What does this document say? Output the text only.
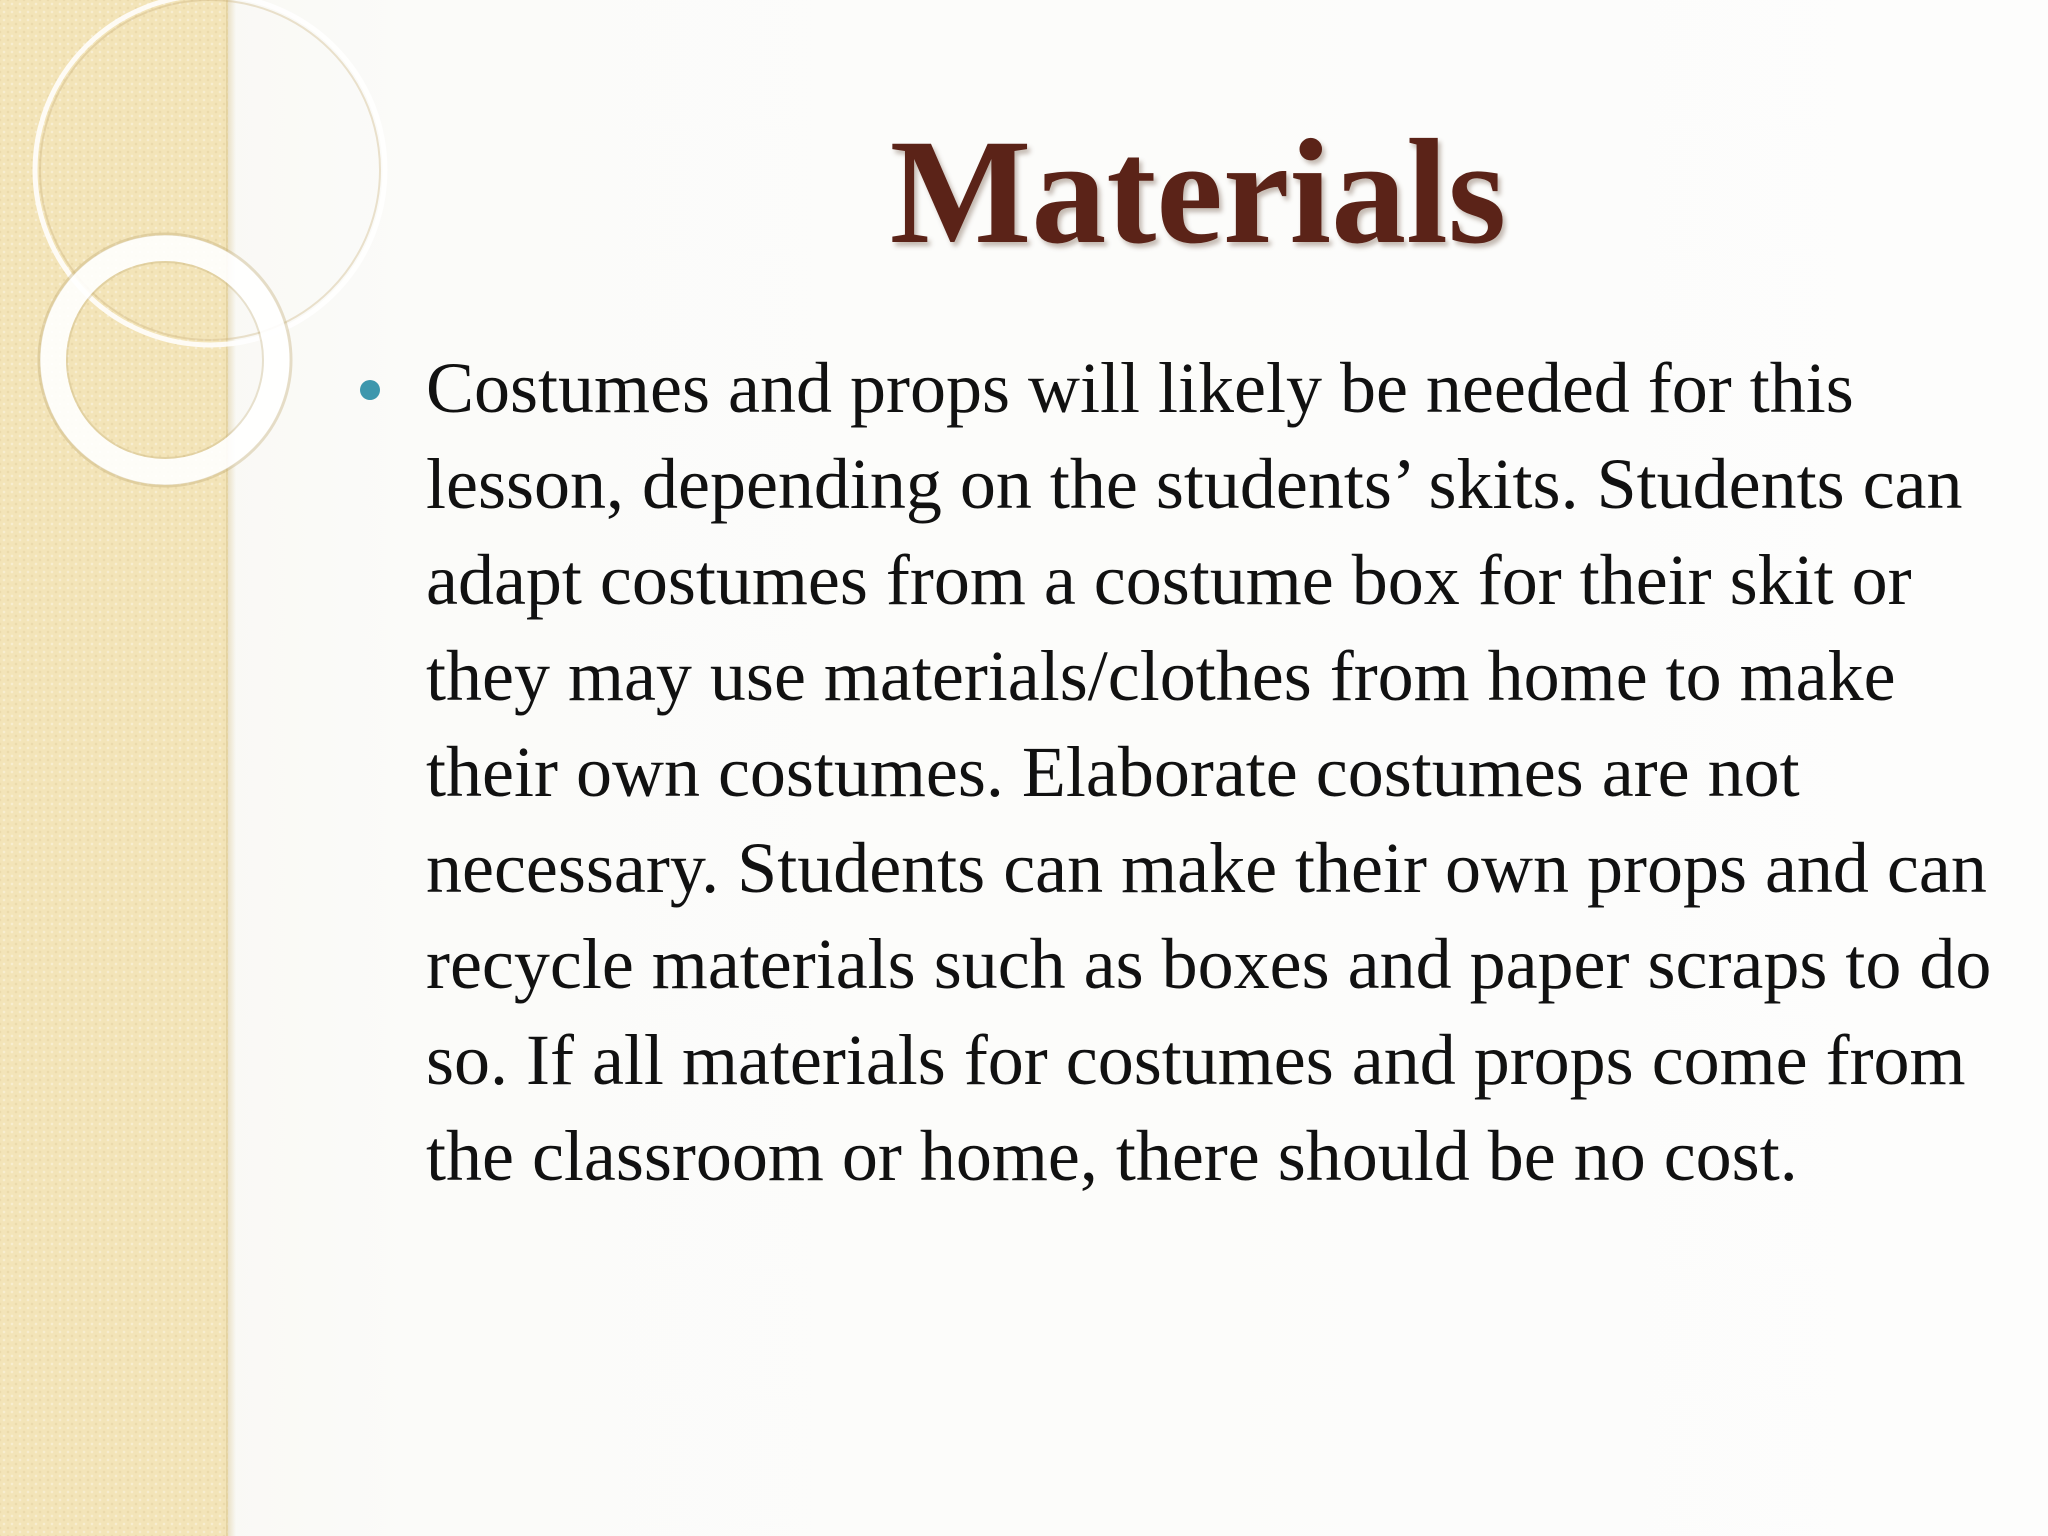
Materials

Costumes and props will likely be needed for this lesson, depending on the students’ skits. Students can adapt costumes from a costume box for their skit or they may use materials/clothes from home to make their own costumes. Elaborate costumes are not necessary. Students can make their own props and can recycle materials such as boxes and paper scraps to do so. If all materials for costumes and props come from the classroom or home, there should be no cost.
